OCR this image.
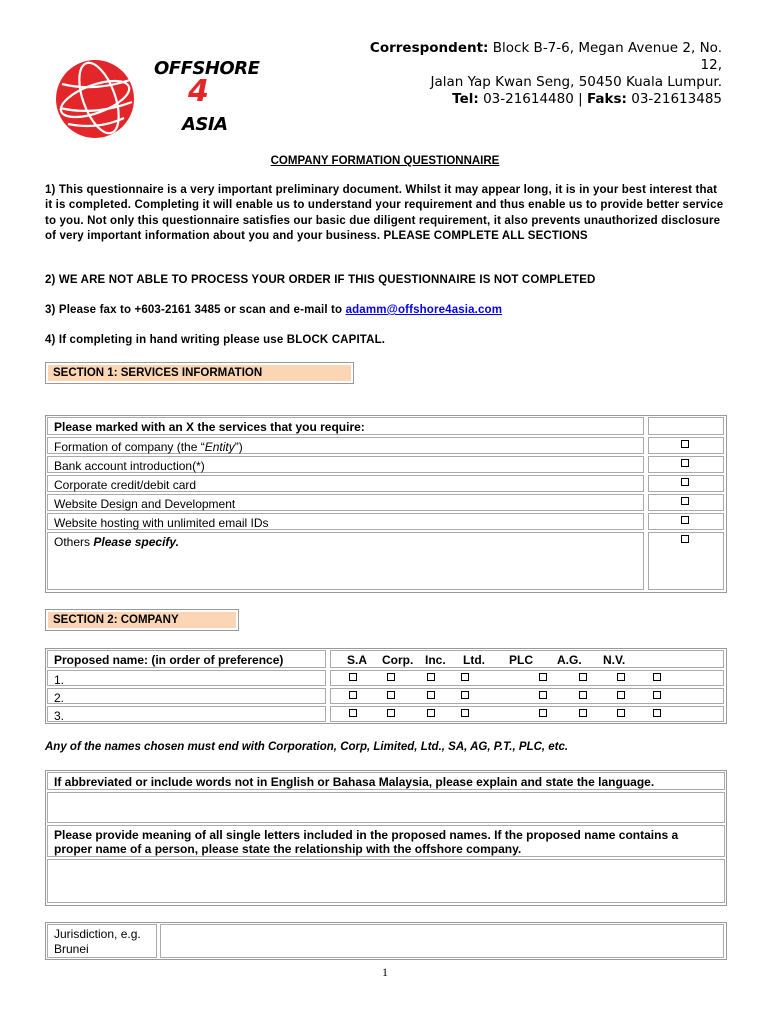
OFFSHORE
4
ASIA
Correspondent: Block B-7-6, Megan Avenue 2, No.
12,
Jalan Yap Kwan Seng, 50450 Kuala Lumpur.
Tel: 03-21614480 | Faks: 03-21613485
COMPANY FORMATION QUESTIONNAIRE
1) This questionnaire is a very important preliminary document. Whilst it may appear long, it is in your best interest that it is completed. Completing it will enable us to understand your requirement and thus enable us to provide better service to you. Not only this questionnaire satisfies our basic due diligent requirement, it also prevents unauthorized disclosure of very important information about you and your business. PLEASE COMPLETE ALL SECTIONS
2) WE ARE NOT ABLE TO PROCESS YOUR ORDER IF THIS QUESTIONNAIRE IS NOT COMPLETED
3) Please fax to +603-2161 3485 or scan and e-mail to adamm@offshore4asia.com
4) If completing in hand writing please use BLOCK CAPITAL.
SECTION 1: SERVICES INFORMATION
Please marked with an X the services that you require:
Formation of company (the “Entity”)
Bank account introduction(*)
Corporate credit/debit card
Website Design and Development
Website hosting with unlimited email IDs
Others Please specify.
SECTION 2: COMPANY
Proposed name: (in order of preference)	S.A Corp. Inc. Ltd. PLC A.G. N.V.
1.
2.
3.
Any of the names chosen must end with Corporation, Corp, Limited, Ltd., SA, AG, P.T., PLC, etc.
If abbreviated or include words not in English or Bahasa Malaysia, please explain and state the language.
Please provide meaning of all single letters included in the proposed names. If the proposed name contains a proper name of a person, please state the relationship with the offshore company.
Jurisdiction, e.g. Brunei
1
